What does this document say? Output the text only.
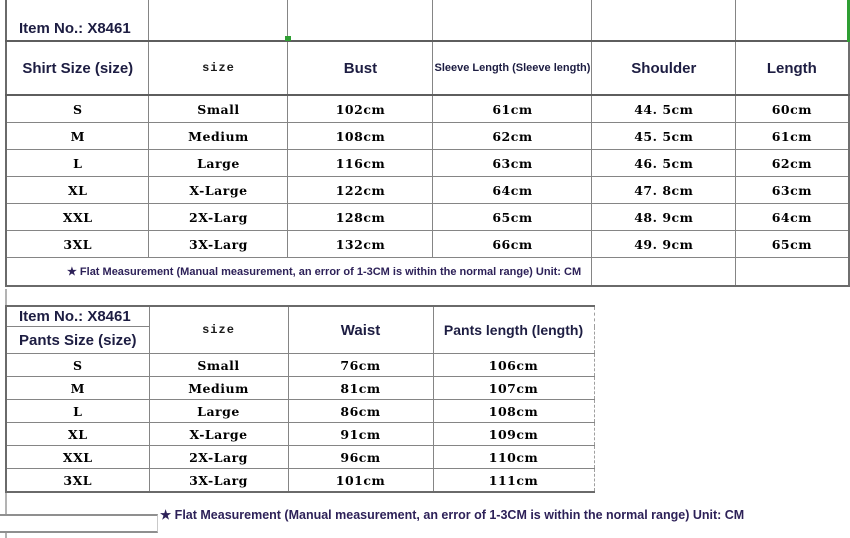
Item No.: X8461					
Shirt Size (size)	size	Bust	Sleeve Length (Sleeve length)	Shoulder	Length
S	Small	102cm	61cm	44. 5cm	60cm
M	Medium	108cm	62cm	45. 5cm	61cm
L	Large	116cm	63cm	46. 5cm	62cm
XL	X-Large	122cm	64cm	47. 8cm	63cm
XXL	2X-Larg	128cm	65cm	48. 9cm	64cm
3XL	3X-Larg	132cm	66cm	49. 9cm	65cm
★ Flat Measurement (Manual measurement, an error of 1-3CM is within the normal range) Unit: CM					
Item No.: X8461	size	Waist	Pants length (length)
Pants Size (size)			
S	Small	76cm	106cm
M	Medium	81cm	107cm
L	Large	86cm	108cm
XL	X-Large	91cm	109cm
XXL	2X-Larg	96cm	110cm
3XL	3X-Larg	101cm	111cm
★ Flat Measurement (Manual measurement, an error of 1-3CM is within the normal range) Unit: CM
